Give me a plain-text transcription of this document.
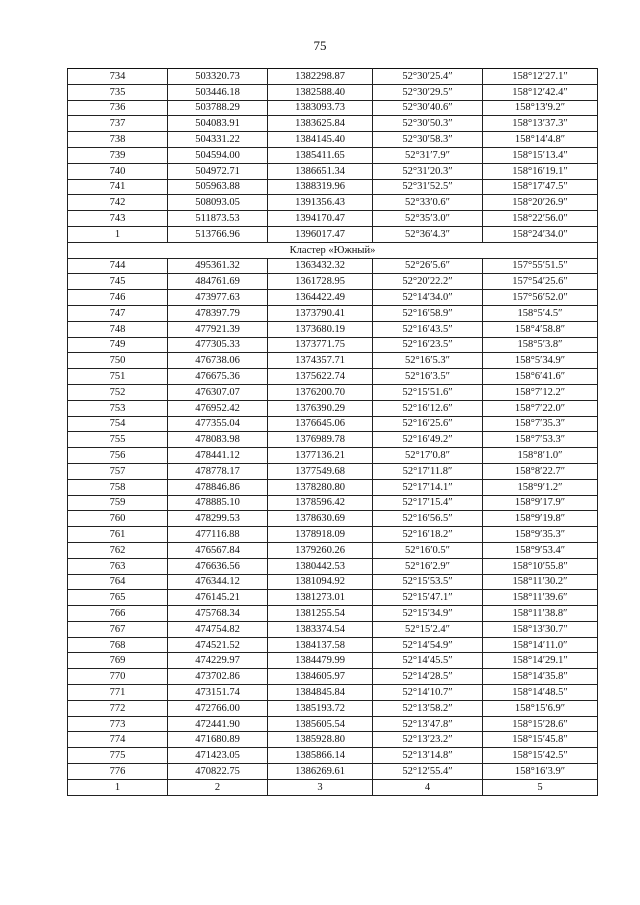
75
734	503320.73	1382298.87	52°30′25.4″	158°12′27.1″
735	503446.18	1382588.40	52°30′29.5″	158°12′42.4″
736	503788.29	1383093.73	52°30′40.6″	158°13′9.2″
737	504083.91	1383625.84	52°30′50.3″	158°13′37.3″
738	504331.22	1384145.40	52°30′58.3″	158°14′4.8″
739	504594.00	1385411.65	52°31′7.9″	158°15′13.4″
740	504972.71	1386651.34	52°31′20.3″	158°16′19.1″
741	505963.88	1388319.96	52°31′52.5″	158°17′47.5″
742	508093.05	1391356.43	52°33′0.6″	158°20′26.9″
743	511873.53	1394170.47	52°35′3.0″	158°22′56.0″
1	513766.96	1396017.47	52°36′4.3″	158°24′34.0″
Кластер «Южный»				
744	495361.32	1363432.32	52°26′5.6″	157°55′51.5″
745	484761.69	1361728.95	52°20′22.2″	157°54′25.6″
746	473977.63	1364422.49	52°14′34.0″	157°56′52.0″
747	478397.79	1373790.41	52°16′58.9″	158°5′4.5″
748	477921.39	1373680.19	52°16′43.5″	158°4′58.8″
749	477305.33	1373771.75	52°16′23.5″	158°5′3.8″
750	476738.06	1374357.71	52°16′5.3″	158°5′34.9″
751	476675.36	1375622.74	52°16′3.5″	158°6′41.6″
752	476307.07	1376200.70	52°15′51.6″	158°7′12.2″
753	476952.42	1376390.29	52°16′12.6″	158°7′22.0″
754	477355.04	1376645.06	52°16′25.6″	158°7′35.3″
755	478083.98	1376989.78	52°16′49.2″	158°7′53.3″
756	478441.12	1377136.21	52°17′0.8″	158°8′1.0″
757	478778.17	1377549.68	52°17′11.8″	158°8′22.7″
758	478846.86	1378280.80	52°17′14.1″	158°9′1.2″
759	478885.10	1378596.42	52°17′15.4″	158°9′17.9″
760	478299.53	1378630.69	52°16′56.5″	158°9′19.8″
761	477116.88	1378918.09	52°16′18.2″	158°9′35.3″
762	476567.84	1379260.26	52°16′0.5″	158°9′53.4″
763	476636.56	1380442.53	52°16′2.9″	158°10′55.8″
764	476344.12	1381094.92	52°15′53.5″	158°11′30.2″
765	476145.21	1381273.01	52°15′47.1″	158°11′39.6″
766	475768.34	1381255.54	52°15′34.9″	158°11′38.8″
767	474754.82	1383374.54	52°15′2.4″	158°13′30.7″
768	474521.52	1384137.58	52°14′54.9″	158°14′11.0″
769	474229.97	1384479.99	52°14′45.5″	158°14′29.1″
770	473702.86	1384605.97	52°14′28.5″	158°14′35.8″
771	473151.74	1384845.84	52°14′10.7″	158°14′48.5″
772	472766.00	1385193.72	52°13′58.2″	158°15′6.9″
773	472441.90	1385605.54	52°13′47.8″	158°15′28.6″
774	471680.89	1385928.80	52°13′23.2″	158°15′45.8″
775	471423.05	1385866.14	52°13′14.8″	158°15′42.5″
776	470822.75	1386269.61	52°12′55.4″	158°16′3.9″
1	2	3	4	5
